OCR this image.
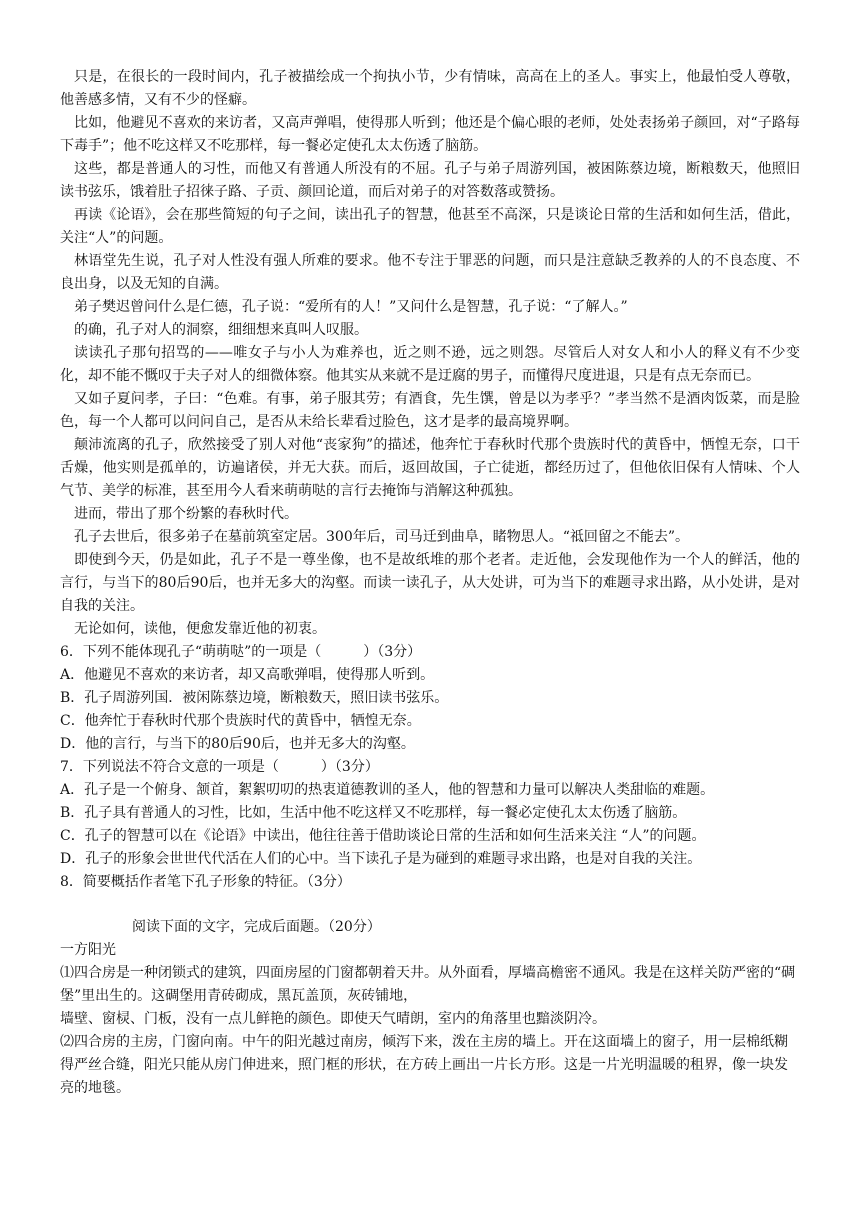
只是，在很长的一段时间内，孔子被描绘成一个拘执小节，少有情味，高高在上的圣人。事实上，他最怕受人尊敬，他善感多情，又有不少的怪癖。

比如，他避见不喜欢的来访者，又高声弹唱，使得那人听到；他还是个偏心眼的老师，处处表扬弟子颜回，对“子路每下毒手”；他不吃这样又不吃那样，每一餐必定使孔太太伤透了脑筋。

这些，都是普通人的习性，而他又有普通人所没有的不屈。孔子与弟子周游列国，被困陈蔡边境，断粮数天，他照旧读书弦乐，饿着肚子招徕子路、子贡、颜回论道，而后对弟子的对答数落或赞扬。

再读《论语》，会在那些简短的句子之间，读出孔子的智慧，他甚至不高深，只是谈论日常的生活和如何生活，借此，关注“人”的问题。

林语堂先生说，孔子对人性没有强人所难的要求。他不专注于罪恶的问题，而只是注意缺乏教养的人的不良态度、不良出身，以及无知的自满。

弟子樊迟曾问什么是仁德，孔子说：“爱所有的人！”又问什么是智慧，孔子说：“了解人。”

的确，孔子对人的洞察，细细想来真叫人叹服。

读读孔子那句招骂的——唯女子与小人为难养也，近之则不逊，远之则怨。尽管后人对女人和小人的释义有不少变化，却不能不慨叹于夫子对人的细微体察。他其实从来就不是迂腐的男子，而懂得尺度进退，只是有点无奈而已。

又如子夏问孝，子曰：“色难。有事，弟子服其劳；有酒食，先生馔，曾是以为孝乎？”孝当然不是酒肉饭菜，而是脸色，每一个人都可以问问自己，是否从未给长辈看过脸色，这才是孝的最高境界啊。

颠沛流离的孔子，欣然接受了别人对他“丧家狗”的描述，他奔忙于春秋时代那个贵族时代的黄昏中，恓惶无奈，口干舌燥，他实则是孤单的，访遍诸侯，并无大获。而后，返回故国，子亡徒逝，都经历过了，但他依旧保有人情味、个人气节、美学的标准，甚至用今人看来萌萌哒的言行去掩饰与消解这种孤独。

进而，带出了那个纷繁的春秋时代。

孔子去世后，很多弟子在墓前筑室定居。300年后，司马迁到曲阜，睹物思人。“祗回留之不能去”。

即使到今天，仍是如此，孔子不是一尊坐像，也不是故纸堆的那个老者。走近他，会发现他作为一个人的鲜活，他的言行，与当下的80后90后，也并无多大的沟壑。而读一读孔子，从大处讲，可为当下的难题寻求出路，从小处讲，是对自我的关注。

无论如何，读他，便愈发靠近他的初衷。

6．下列不能体现孔子“萌萌哒”的一项是（	）（3分）

A．他避见不喜欢的来访者，却又高歌弹唱，使得那人听到。

B．孔子周游列国．被闲陈蔡边境，断粮数天，照旧读书弦乐。

C．他奔忙于春秋时代那个贵族时代的黄昏中，牺惶无奈。

D．他的言行，与当下的80后90后，也并无多大的沟壑。

7．下列说法不符合文意的一项是（	）（3分）

A．孔子是一个俯身、颔首，絮絮叨叨的热衷道德教训的圣人，他的智慧和力量可以解决人类甜临的难题。

B．孔子具有普通人的习性，比如，生活中他不吃这样又不吃那样，每一餐必定使孔太太伤透了脑筋。

C．孔子的智慧可以在《论语》中读出，他往往善于借助谈论日常的生活和如何生活来关注 “人”的问题。

D．孔子的形象会世世代代活在人们的心中。当下读孔子是为碰到的难题寻求出路，也是对自我的关注。

8．简要概括作者笔下孔子形象的特征。（3分）

阅读下面的文字，完成后面题。（20分）

一方阳光

⑴四合房是一种闭锁式的建筑，四面房屋的门窗都朝着天井。从外面看，厚墙高檐密不通风。我是在这样关防严密的“碉堡”里出生的。这碉堡用青砖砌成，黑瓦盖顶，灰砖铺地，

墙壁、窗棂、门板，没有一点儿鲜艳的颜色。即使天气晴朗，室内的角落里也黯淡阴冷。

⑵四合房的主房，门窗向南。中午的阳光越过南房，倾泻下来，泼在主房的墙上。开在这面墙上的窗子，用一层棉纸糊得严丝合缝，阳光只能从房门伸进来，照门框的形状，在方砖上画出一片长方形。这是一片光明温暖的租界，像一块发亮的地毯。
